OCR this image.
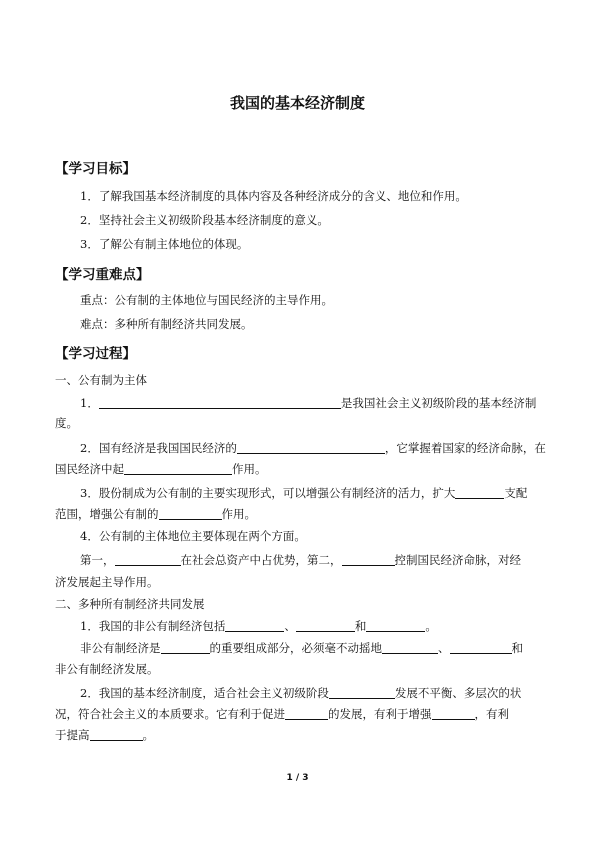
我国的基本经济制度
【学习目标】
1．了解我国基本经济制度的具体内容及各种经济成分的含义、地位和作用。
2．坚持社会主义初级阶段基本经济制度的意义。
3．了解公有制主体地位的体现。
【学习重难点】
重点：公有制的主体地位与国民经济的主导作用。
难点：多种所有制经济共同发展。
【学习过程】
一、公有制为主体
1．	是我国社会主义初级阶段的基本经济制
度。
2．国有经济是我国国民经济的	，它掌握着国家的经济命脉，在
国民经济中起	作用。
3．股份制成为公有制的主要实现形式，可以增强公有制经济的活力，扩大	支配
范围，增强公有制的	作用。
4．公有制的主体地位主要体现在两个方面。
第一，	在社会总资产中占优势，第二，	控制国民经济命脉，对经
济发展起主导作用。
二、多种所有制经济共同发展
1．我国的非公有制经济包括	、	和	。
非公有制经济是	的重要组成部分，必须毫不动摇地	、	和
非公有制经济发展。
2．我国的基本经济制度，适合社会主义初级阶段	发展不平衡、多层次的状
况，符合社会主义的本质要求。它有利于促进	的发展，有利于增强	，有利
于提高	。
1 / 3
